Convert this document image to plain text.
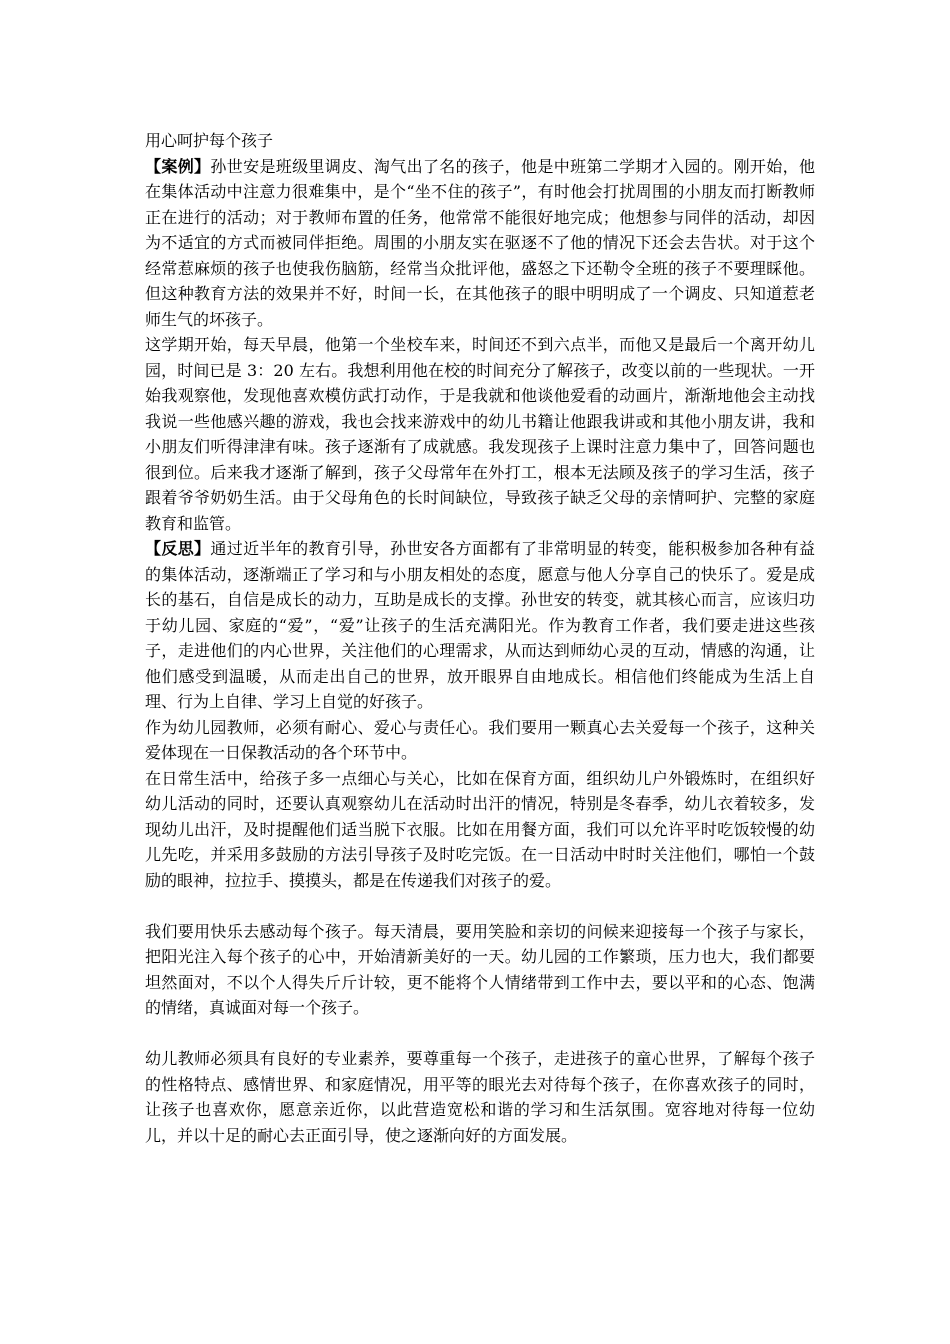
用心呵护每个孩子

【案例】孙世安是班级里调皮、淘气出了名的孩子，他是中班第二学期才入园的。刚开始，他在集体活动中注意力很难集中，是个“坐不住的孩子”，有时他会打扰周围的小朋友而打断教师正在进行的活动；对于教师布置的任务，他常常不能很好地完成；他想参与同伴的活动，却因为不适宜的方式而被同伴拒绝。周围的小朋友实在驱逐不了他的情况下还会去告状。对于这个经常惹麻烦的孩子也使我伤脑筋，经常当众批评他，盛怒之下还勒令全班的孩子不要理睬他。但这种教育方法的效果并不好，时间一长，在其他孩子的眼中明明成了一个调皮、只知道惹老师生气的坏孩子。

这学期开始，每天早晨，他第一个坐校车来，时间还不到六点半，而他又是最后一个离开幼儿园，时间已是 3：20 左右。我想利用他在校的时间充分了解孩子，改变以前的一些现状。一开始我观察他，发现他喜欢模仿武打动作，于是我就和他谈他爱看的动画片，渐渐地他会主动找我说一些他感兴趣的游戏，我也会找来游戏中的幼儿书籍让他跟我讲或和其他小朋友讲，我和小朋友们听得津津有味。孩子逐渐有了成就感。我发现孩子上课时注意力集中了，回答问题也很到位。后来我才逐渐了解到，孩子父母常年在外打工，根本无法顾及孩子的学习生活，孩子跟着爷爷奶奶生活。由于父母角色的长时间缺位，导致孩子缺乏父母的亲情呵护、完整的家庭教育和监管。

【反思】通过近半年的教育引导，孙世安各方面都有了非常明显的转变，能积极参加各种有益的集体活动，逐渐端正了学习和与小朋友相处的态度，愿意与他人分享自己的快乐了。爱是成长的基石，自信是成长的动力，互助是成长的支撑。孙世安的转变，就其核心而言，应该归功于幼儿园、家庭的“爱”，“爱”让孩子的生活充满阳光。作为教育工作者，我们要走进这些孩子，走进他们的内心世界，关注他们的心理需求，从而达到师幼心灵的互动，情感的沟通，让他们感受到温暖，从而走出自己的世界，放开眼界自由地成长。相信他们终能成为生活上自理、行为上自律、学习上自觉的好孩子。

作为幼儿园教师，必须有耐心、爱心与责任心。我们要用一颗真心去关爱每一个孩子，这种关爱体现在一日保教活动的各个环节中。

在日常生活中，给孩子多一点细心与关心，比如在保育方面，组织幼儿户外锻炼时，在组织好幼儿活动的同时，还要认真观察幼儿在活动时出汗的情况，特别是冬春季，幼儿衣着较多，发现幼儿出汗，及时提醒他们适当脱下衣服。比如在用餐方面，我们可以允许平时吃饭较慢的幼儿先吃，并采用多鼓励的方法引导孩子及时吃完饭。在一日活动中时时关注他们，哪怕一个鼓励的眼神，拉拉手、摸摸头，都是在传递我们对孩子的爱。

我们要用快乐去感动每个孩子。每天清晨，要用笑脸和亲切的问候来迎接每一个孩子与家长，把阳光注入每个孩子的心中，开始清新美好的一天。幼儿园的工作繁琐，压力也大，我们都要坦然面对，不以个人得失斤斤计较，更不能将个人情绪带到工作中去，要以平和的心态、饱满的情绪，真诚面对每一个孩子。

幼儿教师必须具有良好的专业素养，要尊重每一个孩子，走进孩子的童心世界，了解每个孩子的性格特点、感情世界、和家庭情况，用平等的眼光去对待每个孩子，在你喜欢孩子的同时，让孩子也喜欢你，愿意亲近你，以此营造宽松和谐的学习和生活氛围。宽容地对待每一位幼儿，并以十足的耐心去正面引导，使之逐渐向好的方面发展。
